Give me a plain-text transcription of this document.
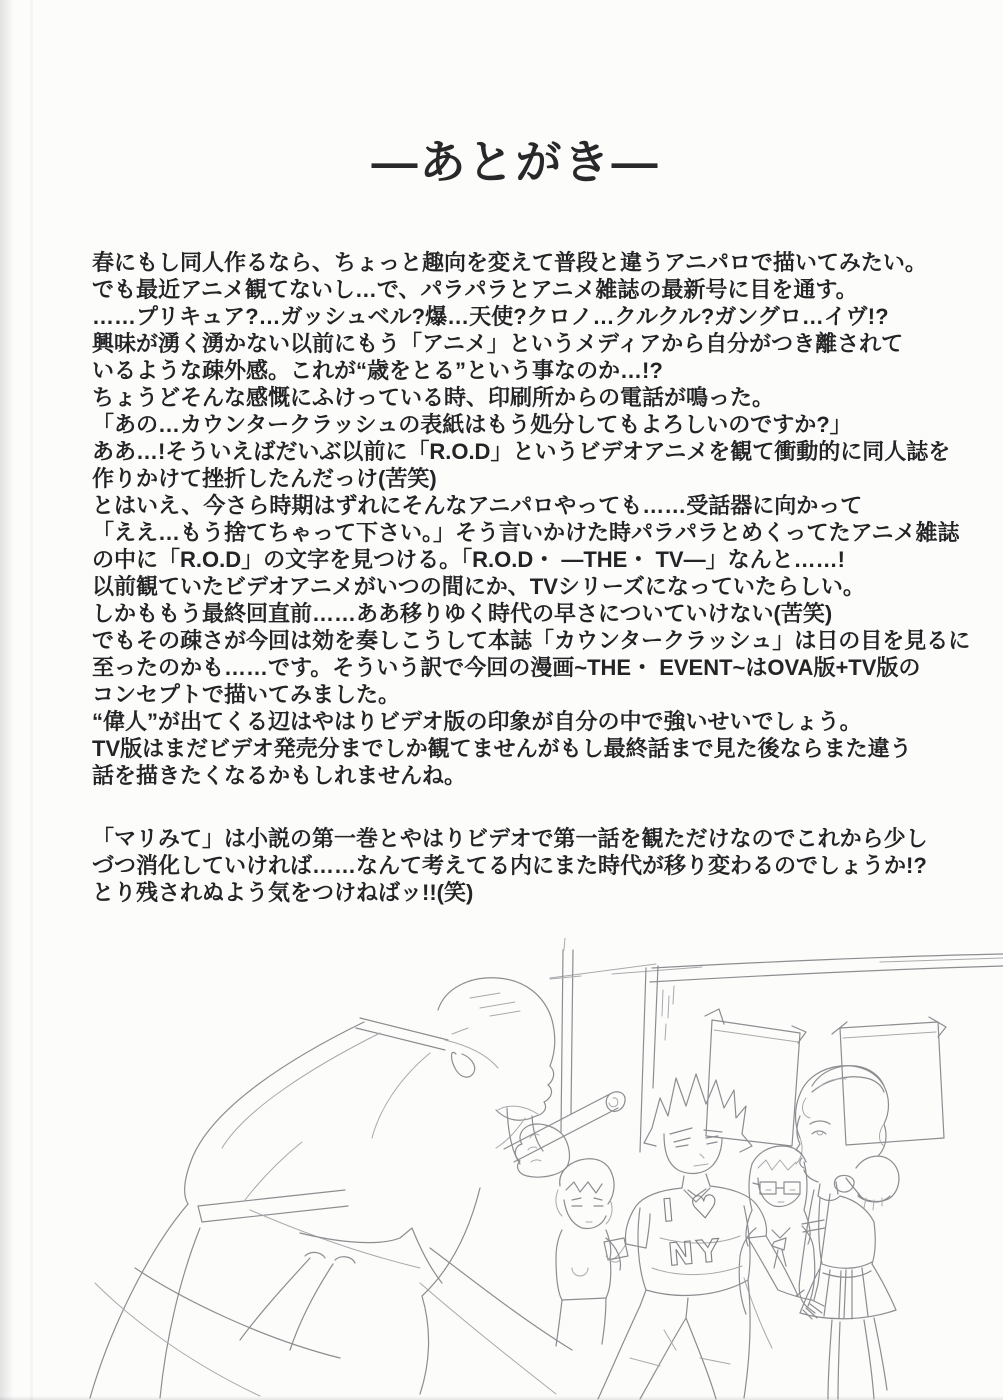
―あとがき―
春にもし同人作るなら、ちょっと趣向を変えて普段と違うアニパロで描いてみたい。
でも最近アニメ観てないし…で、パラパラとアニメ雑誌の最新号に目を通す。
……プリキュア?…ガッシュベル?爆…天使?クロノ…クルクル?ガングロ…イヴ!?
興味が湧く湧かない以前にもう「アニメ」というメディアから自分がつき離されて
いるような疎外感。これが“歳をとる”という事なのか…!?
ちょうどそんな感慨にふけっている時、印刷所からの電話が鳴った。
「あの…カウンタークラッシュの表紙はもう処分してもよろしいのですか?」
ああ…!そういえばだいぶ以前に「R.O.D」というビデオアニメを観て衝動的に同人誌を
作りかけて挫折したんだっけ(苦笑)
とはいえ、今さら時期はずれにそんなアニパロやっても……受話器に向かって
「ええ…もう捨てちゃって下さい。」そう言いかけた時パラパラとめくってたアニメ雑誌
の中に「R.O.D」の文字を見つける。「R.O.D・ ―THE・ TV―」なんと……!
以前観ていたビデオアニメがいつの間にか、TVシリーズになっていたらしい。
しかももう最終回直前……ああ移りゆく時代の早さについていけない(苦笑)
でもその疎さが今回は効を奏しこうして本誌「カウンタークラッシュ」は日の目を見るに
至ったのかも……です。そういう訳で今回の漫画~THE・ EVENT~はOVA版+TV版の
コンセプトで描いてみました。
“偉人”が出てくる辺はやはりビデオ版の印象が自分の中で強いせいでしょう。
TV版はまだビデオ発売分までしか観てませんがもし最終話まで見た後ならまた違う
話を描きたくなるかもしれませんね。
「マリみて」は小説の第一巻とやはりビデオで第一話を観ただけなのでこれから少し
づつ消化していければ……なんて考えてる内にまた時代が移り変わるのでしょうか!?
とり残されぬよう気をつけねばッ!!(笑)
I ♥
NY
